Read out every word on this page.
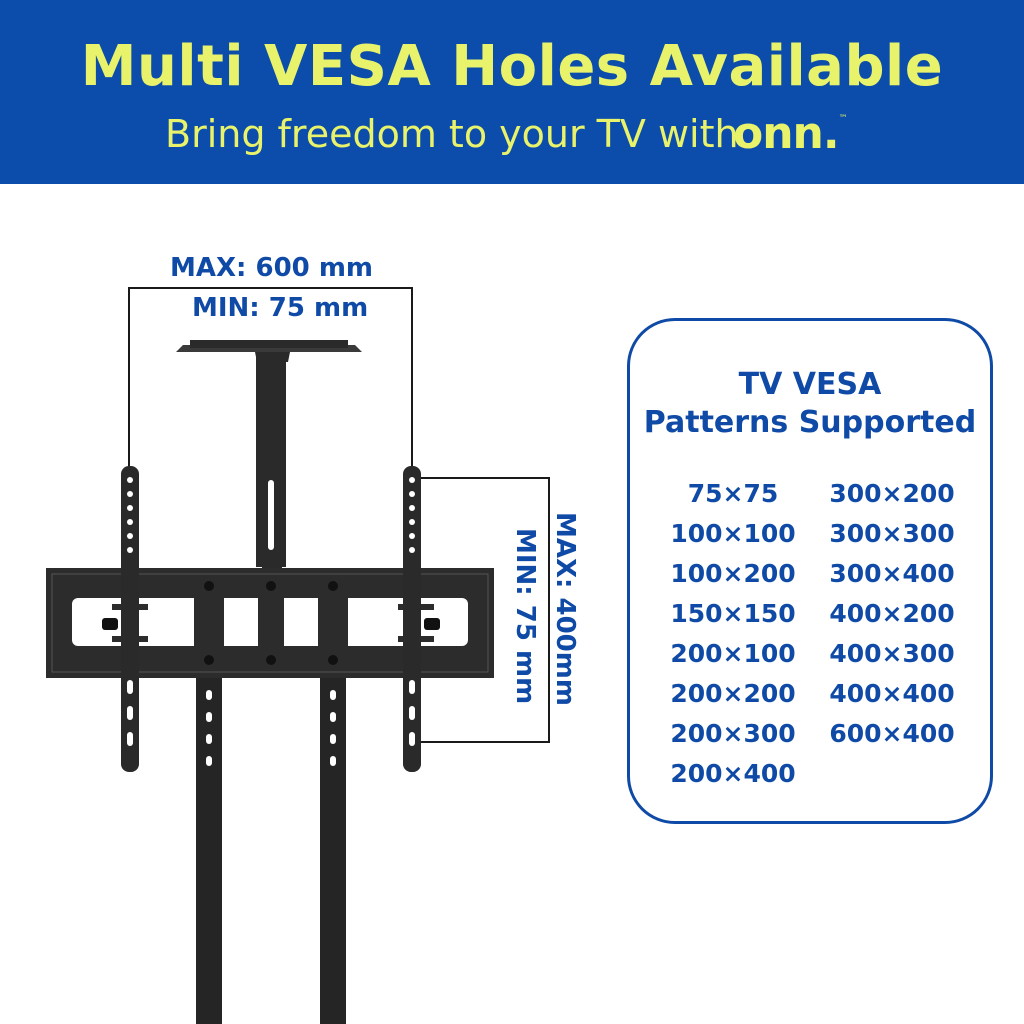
Multi VESA Holes Available
Bring freedom to your TV with
onn.™
MAX: 600 mm
MIN: 75 mm
MAX: 400mm
MIN: 75 mm
TV VESA
Patterns Supported
75×75
100×100
100×200
150×150
200×100
200×200
200×300
200×400
300×200
300×300
300×400
400×200
400×300
400×400
600×400
